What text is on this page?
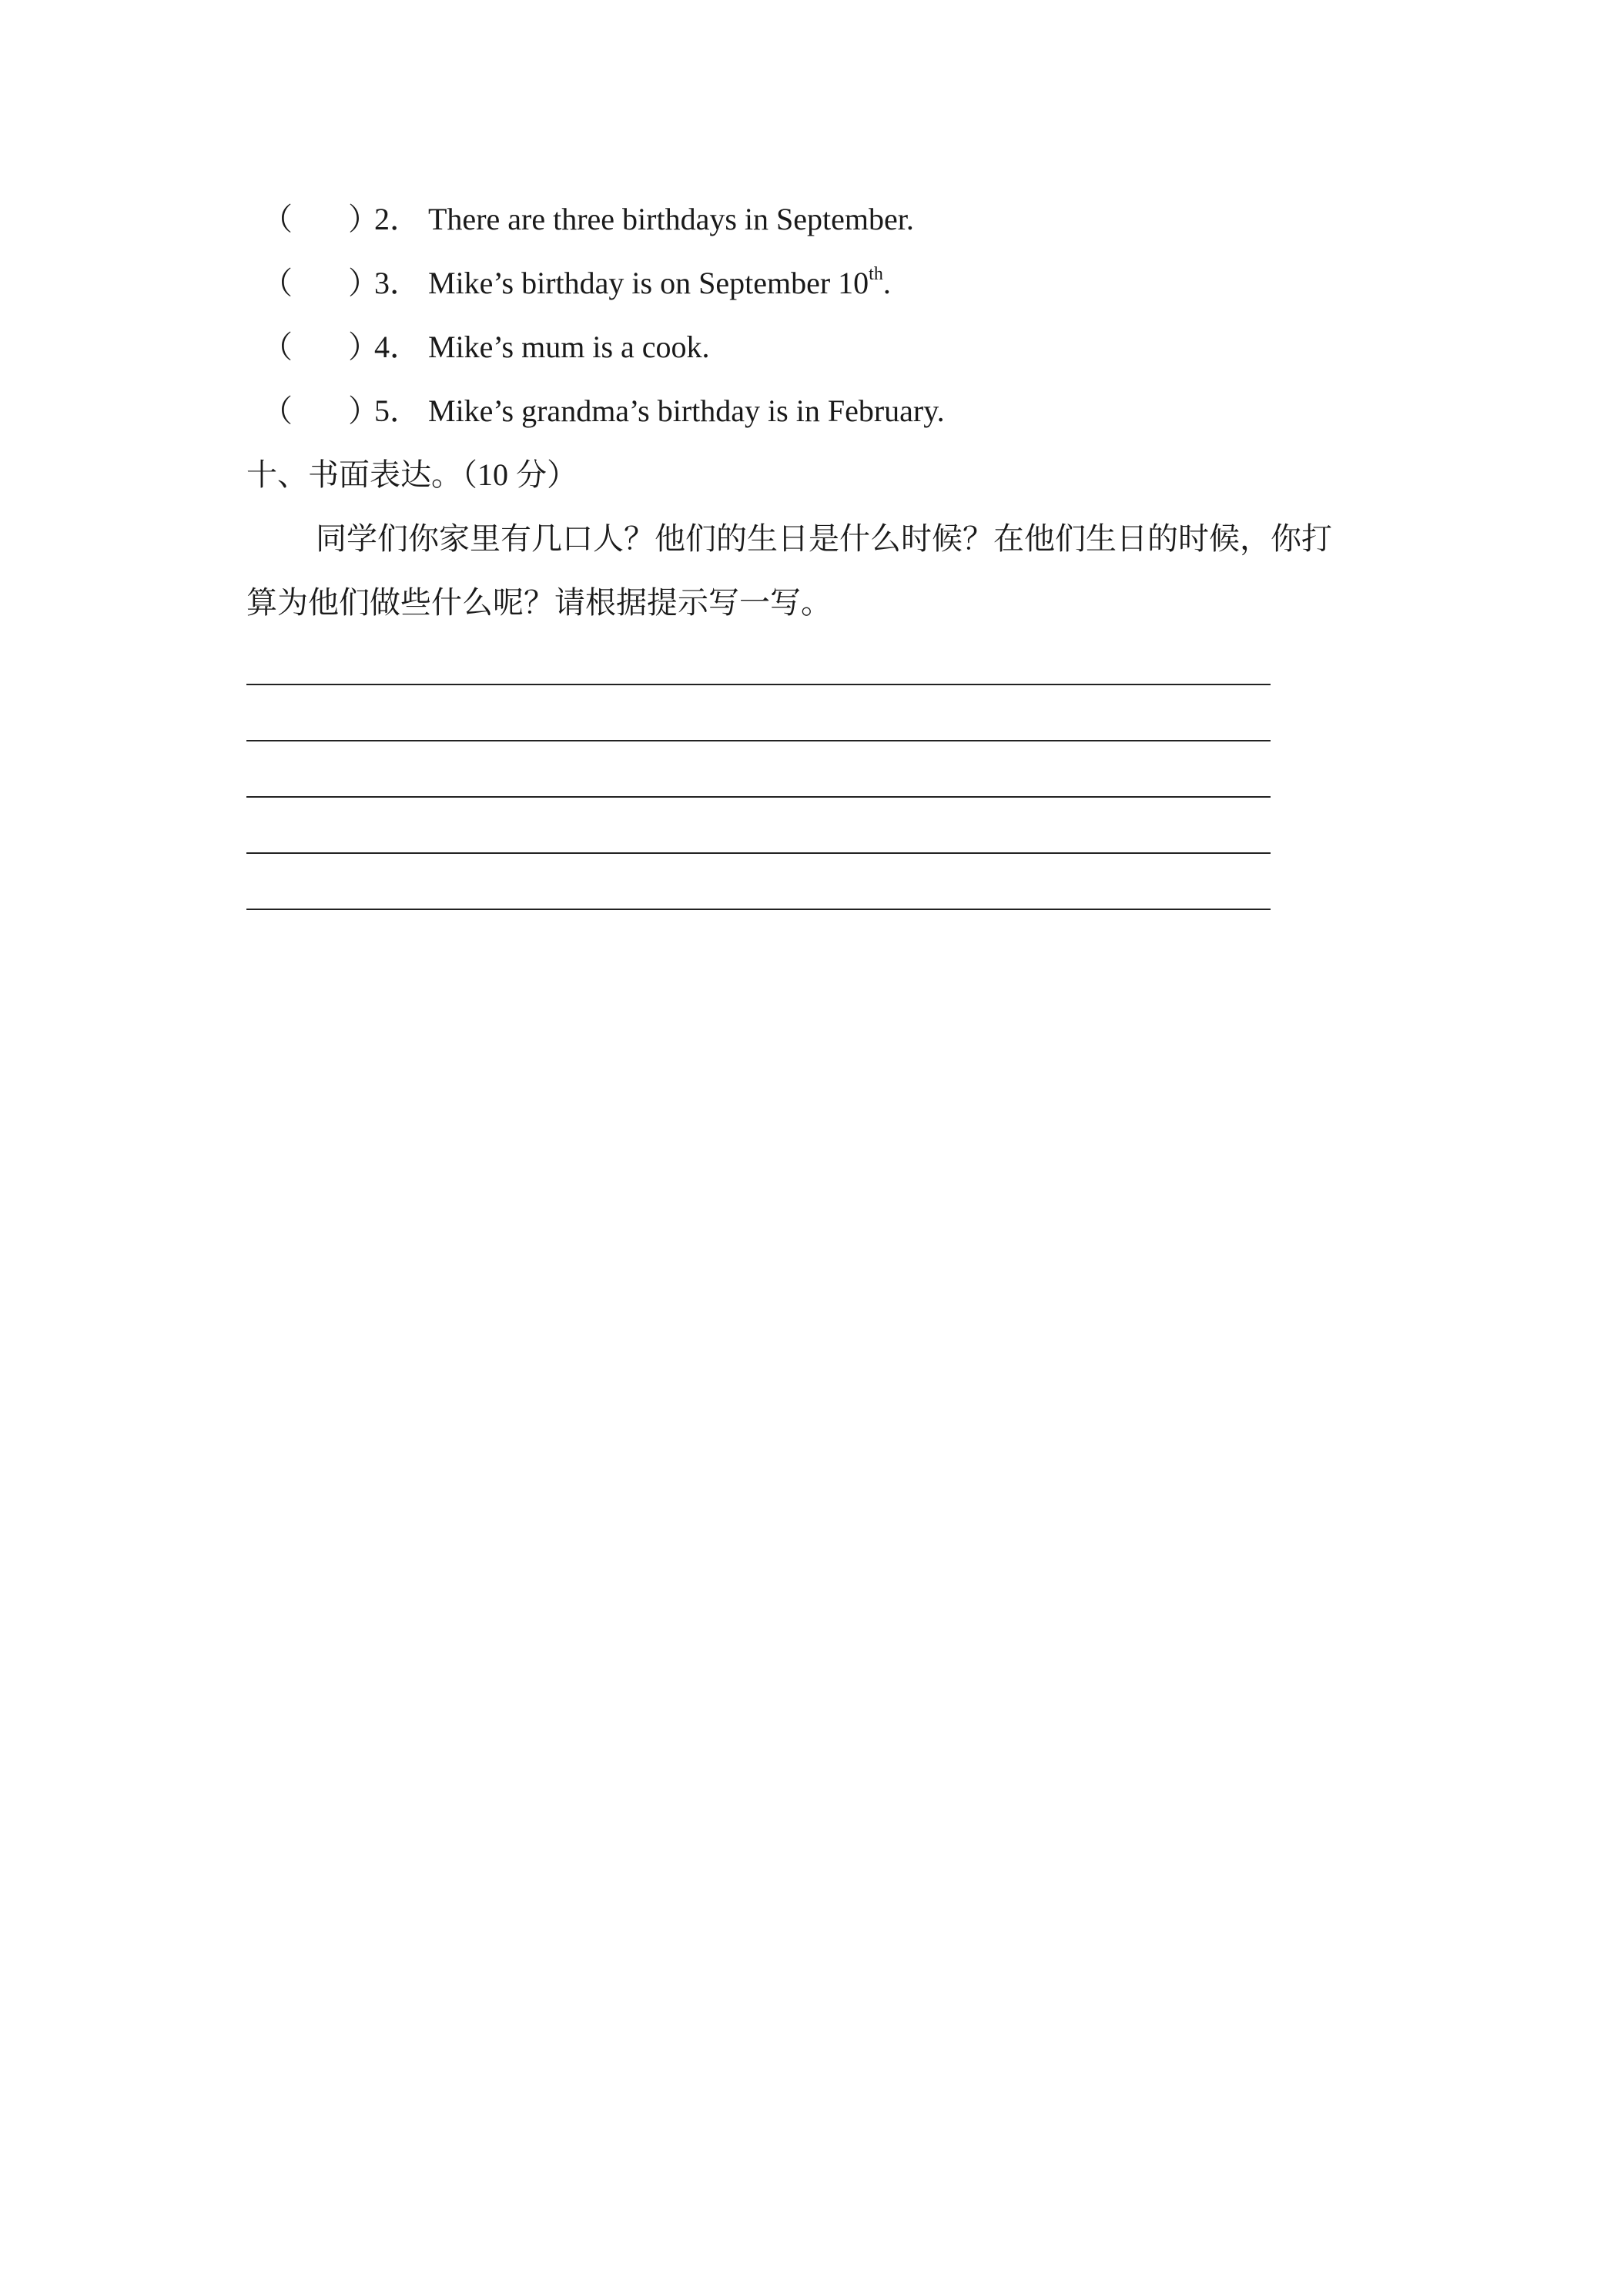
（ ）
2． There are three birthdays in September.
（ ）
3． Mike’s birthday is on September 10th.
（ ）
4． Mike’s mum is a cook.
（ ）
5． Mike’s grandma’s birthday is in February.
十、书面表达。（10 分）
同学们你家里有几口人？他们的生日是什么时候？在他们生日的时候，你打
算为他们做些什么呢？请根据提示写一写。
